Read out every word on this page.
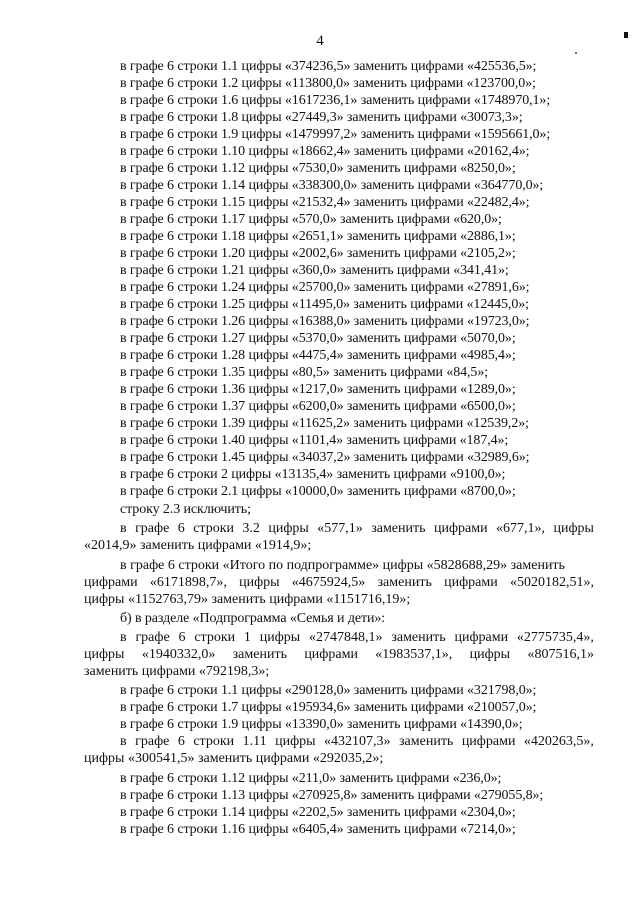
4
в графе 6 строки 1.1 цифры «374236,5» заменить цифрами «425536,5»;
в графе 6 строки 1.2 цифры «113800,0» заменить цифрами «123700,0»;
в графе 6 строки 1.6 цифры «1617236,1» заменить цифрами «1748970,1»;
в графе 6 строки 1.8 цифры «27449,3» заменить цифрами «30073,3»;
в графе 6 строки 1.9 цифры «1479997,2» заменить цифрами «1595661,0»;
в графе 6 строки 1.10 цифры «18662,4» заменить цифрами «20162,4»;
в графе 6 строки 1.12 цифры «7530,0» заменить цифрами «8250,0»;
в графе 6 строки 1.14 цифры «338300,0» заменить цифрами «364770,0»;
в графе 6 строки 1.15 цифры «21532,4» заменить цифрами «22482,4»;
в графе 6 строки 1.17 цифры «570,0» заменить цифрами «620,0»;
в графе 6 строки 1.18 цифры «2651,1» заменить цифрами «2886,1»;
в графе 6 строки 1.20 цифры «2002,6» заменить цифрами «2105,2»;
в графе 6 строки 1.21 цифры «360,0» заменить цифрами «341,41»;
в графе 6 строки 1.24 цифры «25700,0» заменить цифрами «27891,6»;
в графе 6 строки 1.25 цифры «11495,0» заменить цифрами «12445,0»;
в графе 6 строки 1.26 цифры «16388,0» заменить цифрами «19723,0»;
в графе 6 строки 1.27 цифры «5370,0» заменить цифрами «5070,0»;
в графе 6 строки 1.28 цифры «4475,4» заменить цифрами «4985,4»;
в графе 6 строки 1.35 цифры «80,5» заменить цифрами «84,5»;
в графе 6 строки 1.36 цифры «1217,0» заменить цифрами «1289,0»;
в графе 6 строки 1.37 цифры «6200,0» заменить цифрами «6500,0»;
в графе 6 строки 1.39 цифры «11625,2» заменить цифрами «12539,2»;
в графе 6 строки 1.40 цифры «1101,4» заменить цифрами «187,4»;
в графе 6 строки 1.45 цифры «34037,2» заменить цифрами «32989,6»;
в графе 6 строки 2 цифры «13135,4» заменить цифрами «9100,0»;
в графе 6 строки 2.1 цифры «10000,0» заменить цифрами «8700,0»;
строку 2.3 исключить;
в графе 6 строки 3.2 цифры «577,1» заменить цифрами «677,1», цифры
«2014,9» заменить цифрами «1914,9»;
в графе 6 строки «Итого по подпрограмме» цифры «5828688,29» заменить
цифрами «6171898,7», цифры «4675924,5» заменить цифрами «5020182,51»,
цифры «1152763,79» заменить цифрами «1151716,19»;
б) в разделе «Подпрограмма «Семья и дети»:
в графе 6 строки 1 цифры «2747848,1» заменить цифрами «2775735,4»,
цифры «1940332,0» заменить цифрами «1983537,1», цифры «807516,1»
заменить цифрами «792198,3»;
в графе 6 строки 1.1 цифры «290128,0» заменить цифрами «321798,0»;
в графе 6 строки 1.7 цифры «195934,6» заменить цифрами «210057,0»;
в графе 6 строки 1.9 цифры «13390,0» заменить цифрами «14390,0»;
в графе 6 строки 1.11 цифры «432107,3» заменить цифрами «420263,5»,
цифры «300541,5» заменить цифрами «292035,2»;
в графе 6 строки 1.12 цифры «211,0» заменить цифрами «236,0»;
в графе 6 строки 1.13 цифры «270925,8» заменить цифрами «279055,8»;
в графе 6 строки 1.14 цифры «2202,5» заменить цифрами «2304,0»;
в графе 6 строки 1.16 цифры «6405,4» заменить цифрами «7214,0»;
